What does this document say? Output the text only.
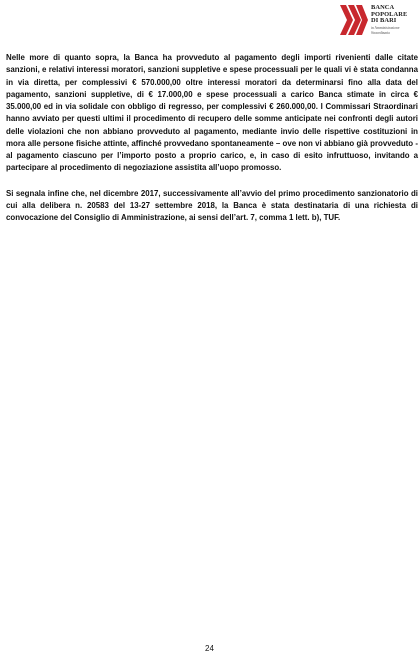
BANCA
POPOLARE
DI BARI
in Amministrazione
Straordinaria

Nelle more di quanto sopra, la Banca ha provveduto al pagamento degli importi rivenienti dalle citate sanzioni, e relativi interessi moratori, sanzioni suppletive e spese processuali per le quali vi è stata condanna in via diretta, per complessivi € 570.000,00 oltre interessi moratori da determinarsi fino alla data del pagamento, sanzioni suppletive, di € 17.000,00 e spese processuali a carico Banca stimate in circa € 35.000,00 ed in via solidale con obbligo di regresso, per complessivi € 260.000,00. I Commissari Straordinari hanno avviato per questi ultimi il procedimento di recupero delle somme anticipate nei confronti degli autori delle violazioni che non abbiano provveduto al pagamento, mediante invio delle rispettive costituzioni in mora alle persone fisiche attinte, affinché provvedano spontaneamente – ove non vi abbiano già provveduto - al pagamento ciascuno per l’importo posto a proprio carico, e, in caso di esito infruttuoso, invitando a partecipare al procedimento di negoziazione assistita all’uopo promosso.

Si segnala infine che, nel dicembre 2017, successivamente all’avvio del primo procedimento sanzionatorio di cui alla delibera n. 20583 del 13-27 settembre 2018, la Banca è stata destinataria di una richiesta di convocazione del Consiglio di Amministrazione, ai sensi dell’art. 7, comma 1 lett. b), TUF.

24
